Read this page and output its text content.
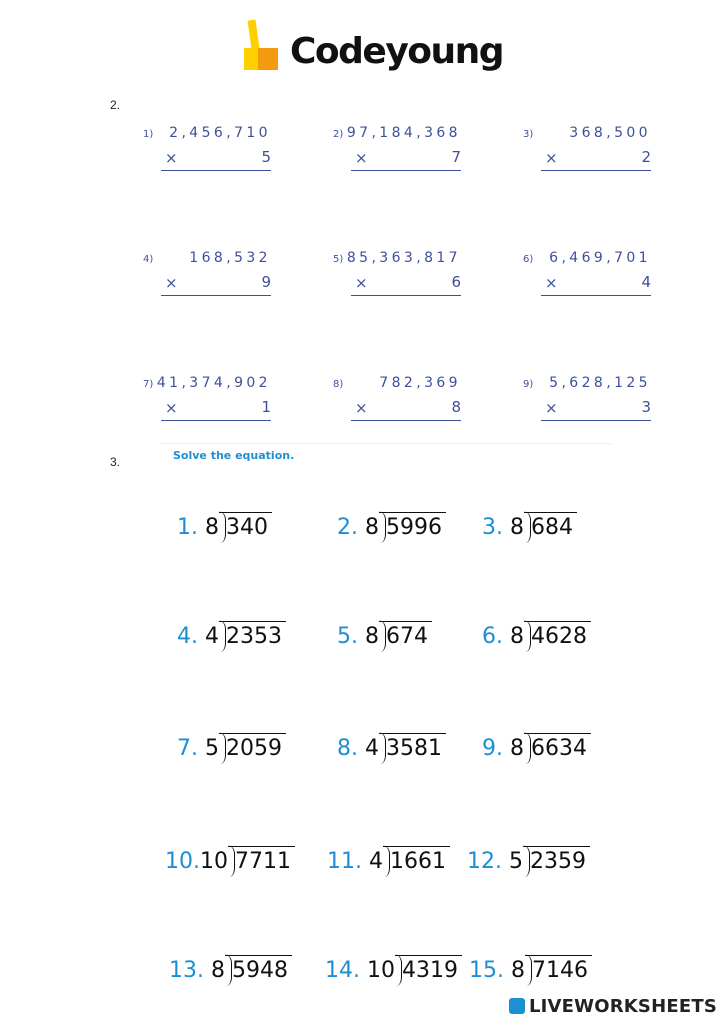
Codeyoung
2.
1) 2,456,710
×	5
2) 97,184,368
×	7
3)	368,500
×	2
4)	168,532
×	9
5) 85,363,817
×	6
6) 6,469,701
×	4
7) 41,374,902
×	1
8)	782,369
×	8
9) 5,628,125
×	3
3.	Solve the equation.
1. 8 340	2. 8 5996 3. 8 684
4. 4 2353	5. 8 674 6. 8 4628
7. 5 2059	8. 4 3581 9. 8 6634
10.10 7711 11. 4 1661 12. 5 2359
13. 8 5948 14. 10 4319 15. 8 7146
LIVEWORKSHEETS
